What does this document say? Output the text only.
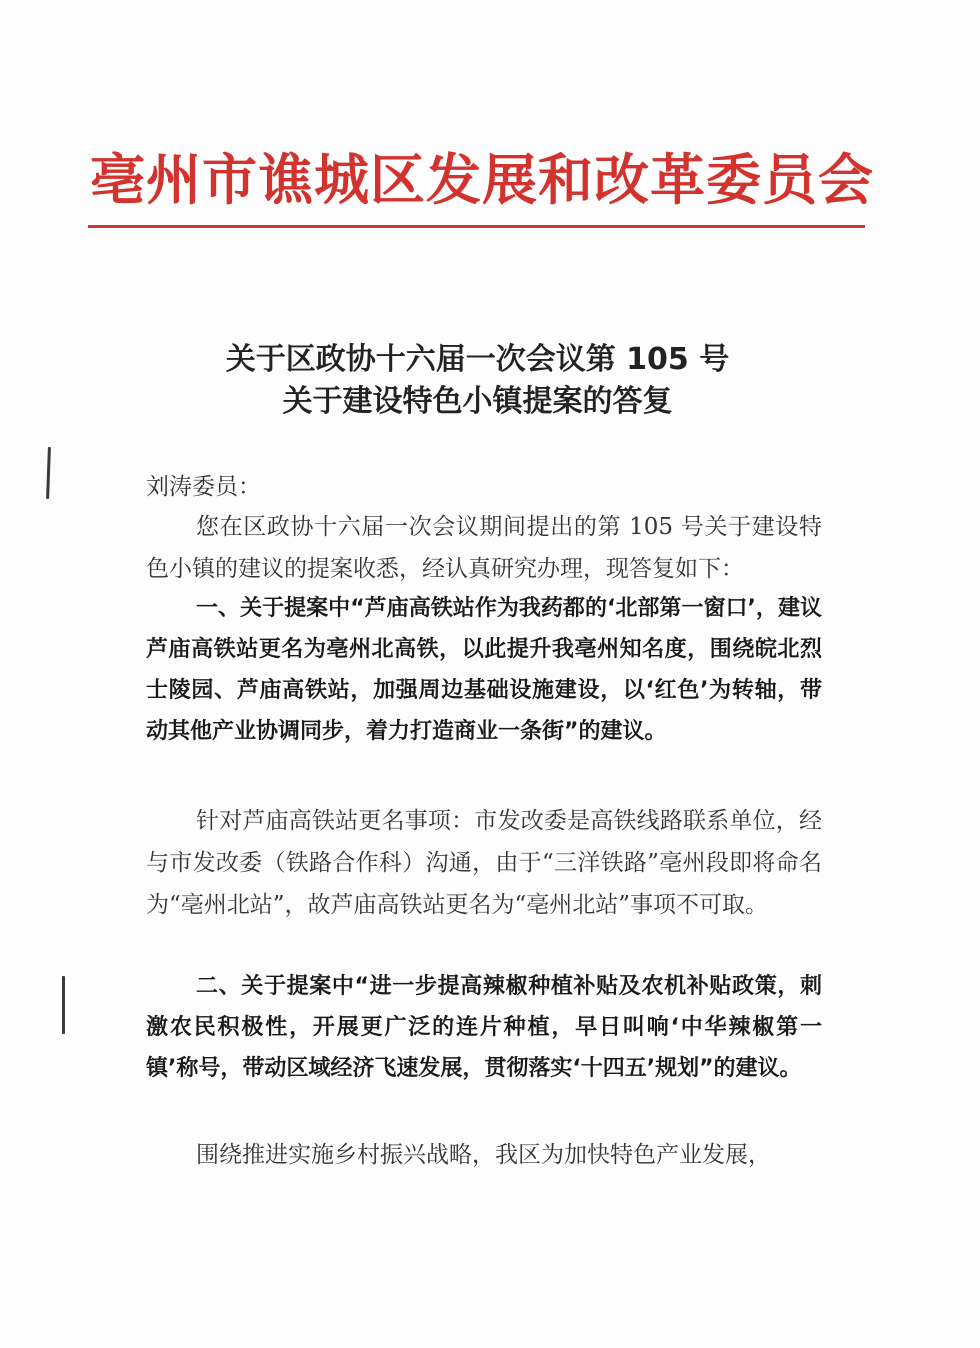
亳州市谯城区发展和改革委员会
关于区政协十六届一次会议第 105 号
关于建设特色小镇提案的答复
刘涛委员：

您在区政协十六届一次会议期间提出的第 105 号关于建设特色小镇的建议的提案收悉，经认真研究办理，现答复如下：

一、关于提案中“芦庙高铁站作为我药都的‘北部第一窗口’，建议芦庙高铁站更名为亳州北高铁，以此提升我亳州知名度，围绕皖北烈士陵园、芦庙高铁站，加强周边基础设施建设，以‘红色’为转轴，带动其他产业协调同步，着力打造商业一条街”的建议。

针对芦庙高铁站更名事项：市发改委是高铁线路联系单位，经与市发改委（铁路合作科）沟通，由于“三洋铁路”亳州段即将命名为“亳州北站”，故芦庙高铁站更名为“亳州北站”事项不可取。

二、关于提案中“进一步提高辣椒种植补贴及农机补贴政策，刺激农民积极性，开展更广泛的连片种植，早日叫响‘中华辣椒第一镇’称号，带动区域经济飞速发展，贯彻落实‘十四五’规划”的建议。

围绕推进实施乡村振兴战略，我区为加快特色产业发展，
